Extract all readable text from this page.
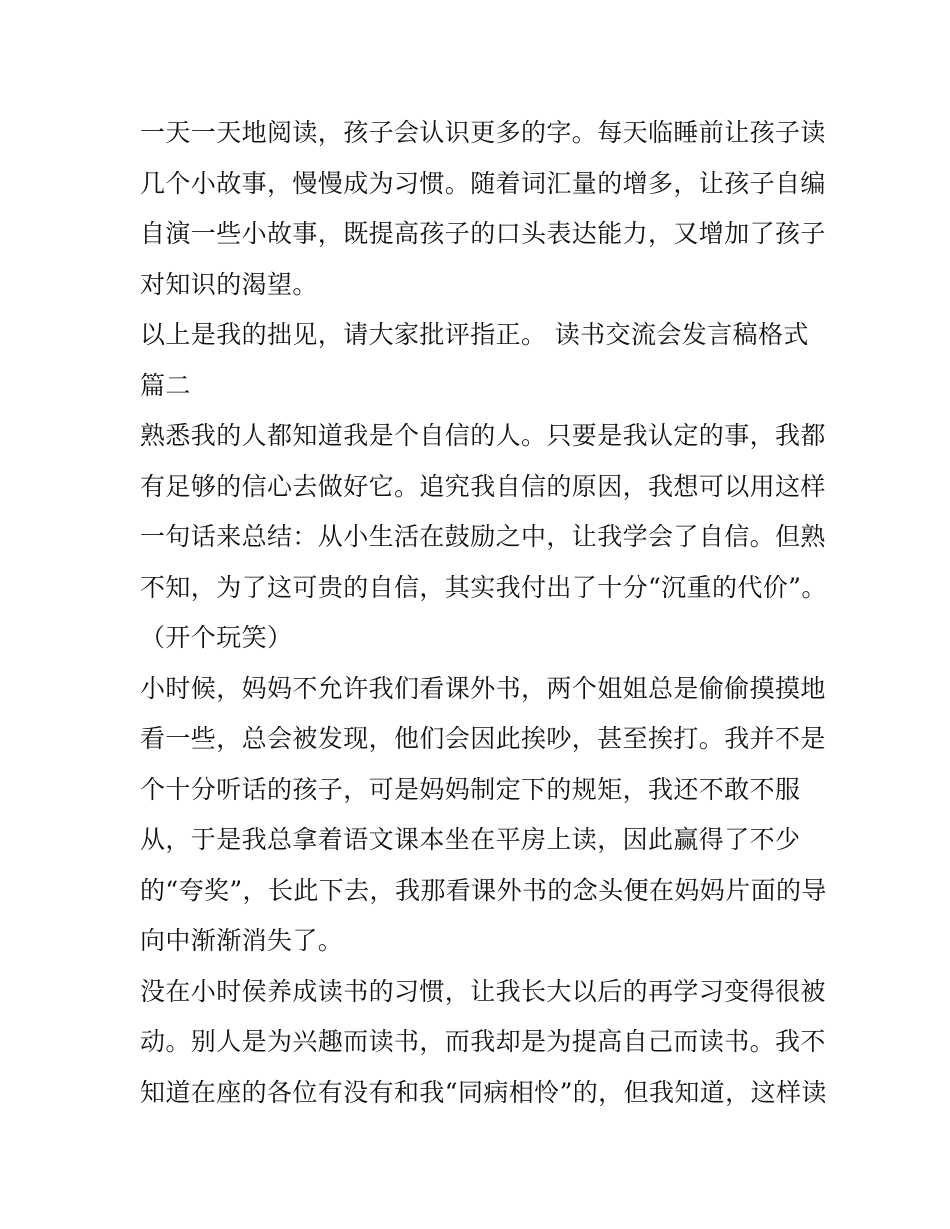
一天一天地阅读，孩子会认识更多的字。每天临睡前让孩子读
几个小故事，慢慢成为习惯。随着词汇量的增多，让孩子自编
自演一些小故事，既提高孩子的口头表达能力，又增加了孩子
对知识的渴望。
以上是我的拙见，请大家批评指正。 读书交流会发言稿格式
篇二
熟悉我的人都知道我是个自信的人。只要是我认定的事，我都
有足够的信心去做好它。追究我自信的原因，我想可以用这样
一句话来总结：从小生活在鼓励之中，让我学会了自信。但熟
不知，为了这可贵的自信，其实我付出了十分“沉重的代价”。
（开个玩笑）
小时候，妈妈不允许我们看课外书，两个姐姐总是偷偷摸摸地
看一些，总会被发现，他们会因此挨吵，甚至挨打。我并不是
个十分听话的孩子，可是妈妈制定下的规矩，我还不敢不服
从，于是我总拿着语文课本坐在平房上读，因此赢得了不少
的“夸奖”，长此下去，我那看课外书的念头便在妈妈片面的导
向中渐渐消失了。
没在小时侯养成读书的习惯，让我长大以后的再学习变得很被
动。别人是为兴趣而读书，而我却是为提高自己而读书。我不
知道在座的各位有没有和我“同病相怜”的，但我知道，这样读
